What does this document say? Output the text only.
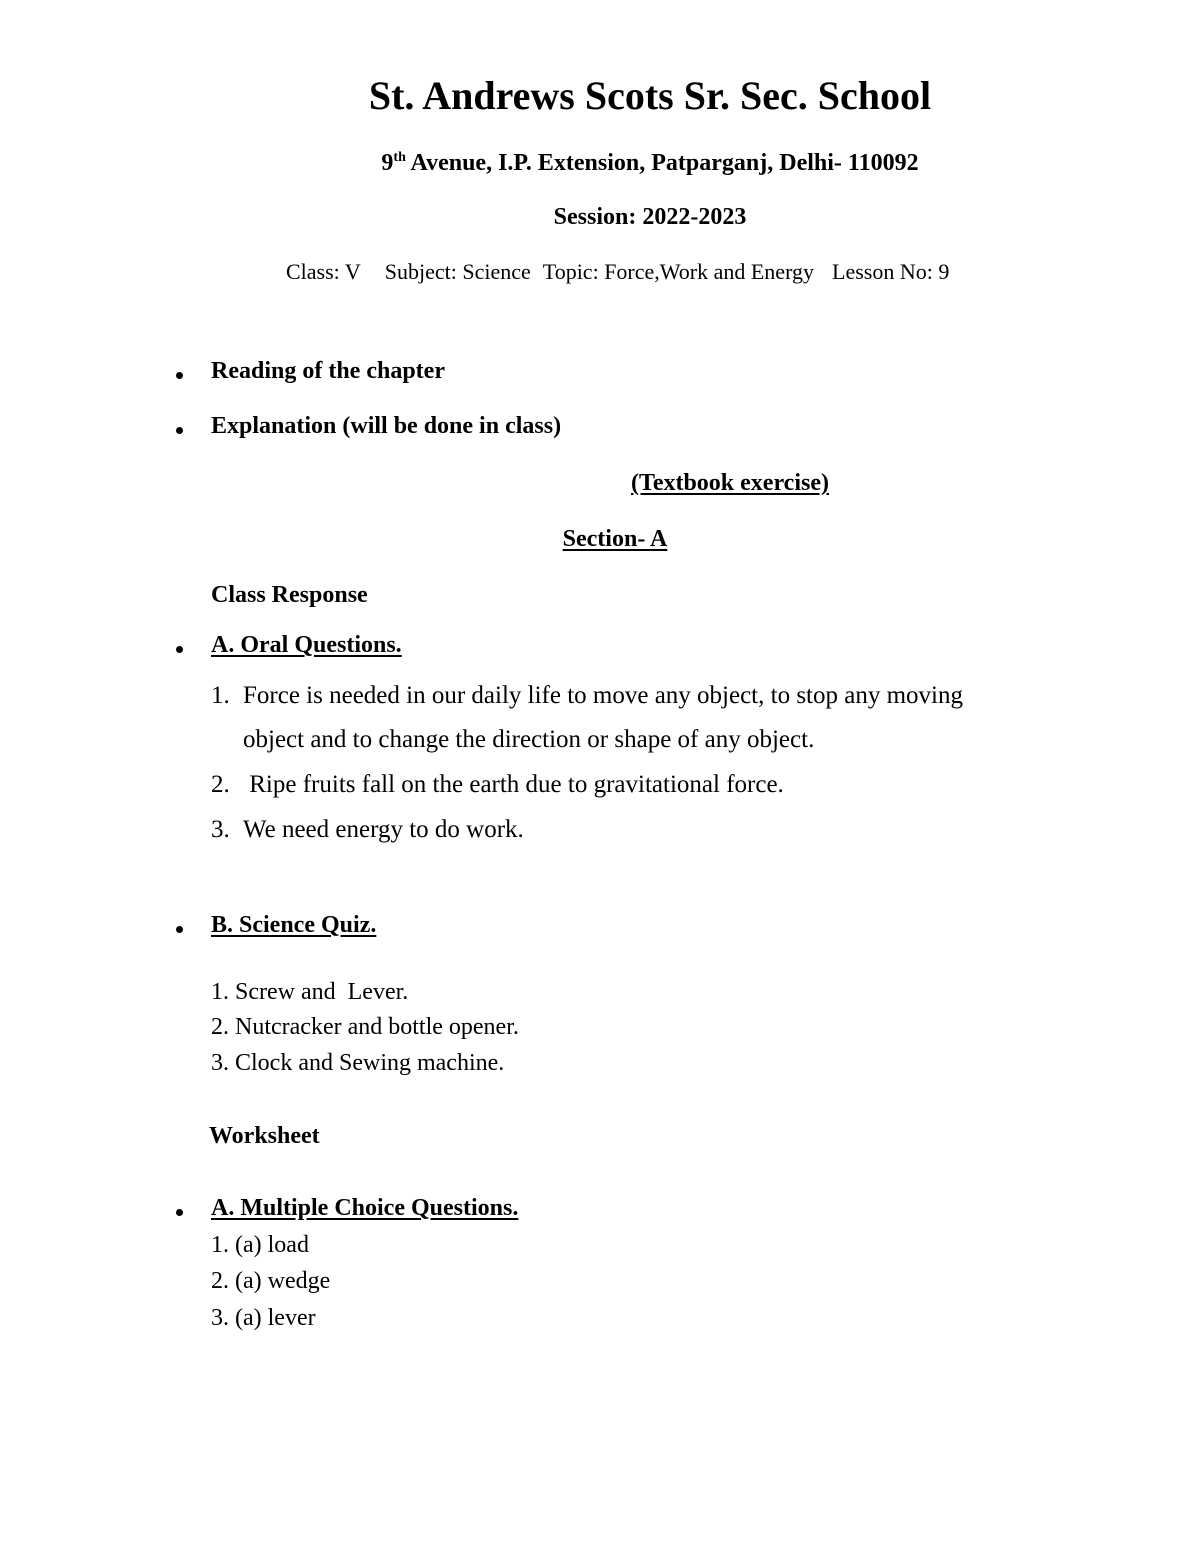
St. Andrews Scots Sr. Sec. School
9th Avenue, I.P. Extension, Patparganj, Delhi- 110092
Session: 2022-2023
Class: V Subject: Science Topic: Force,Work and Energy Lesson No: 9
Reading of the chapter
Explanation (will be done in class)
(Textbook exercise)
Section- A
Class Response
A. Oral Questions.
1. Force is needed in our daily life to move any object, to stop any moving
object and to change the direction or shape of any object.
2. Ripe fruits fall on the earth due to gravitational force.
3. We need energy to do work.
B. Science Quiz.
1. Screw and  Lever.
2. Nutcracker and bottle opener.
3. Clock and Sewing machine.
Worksheet
A. Multiple Choice Questions.
1. (a) load
2. (a) wedge
3. (a) lever
